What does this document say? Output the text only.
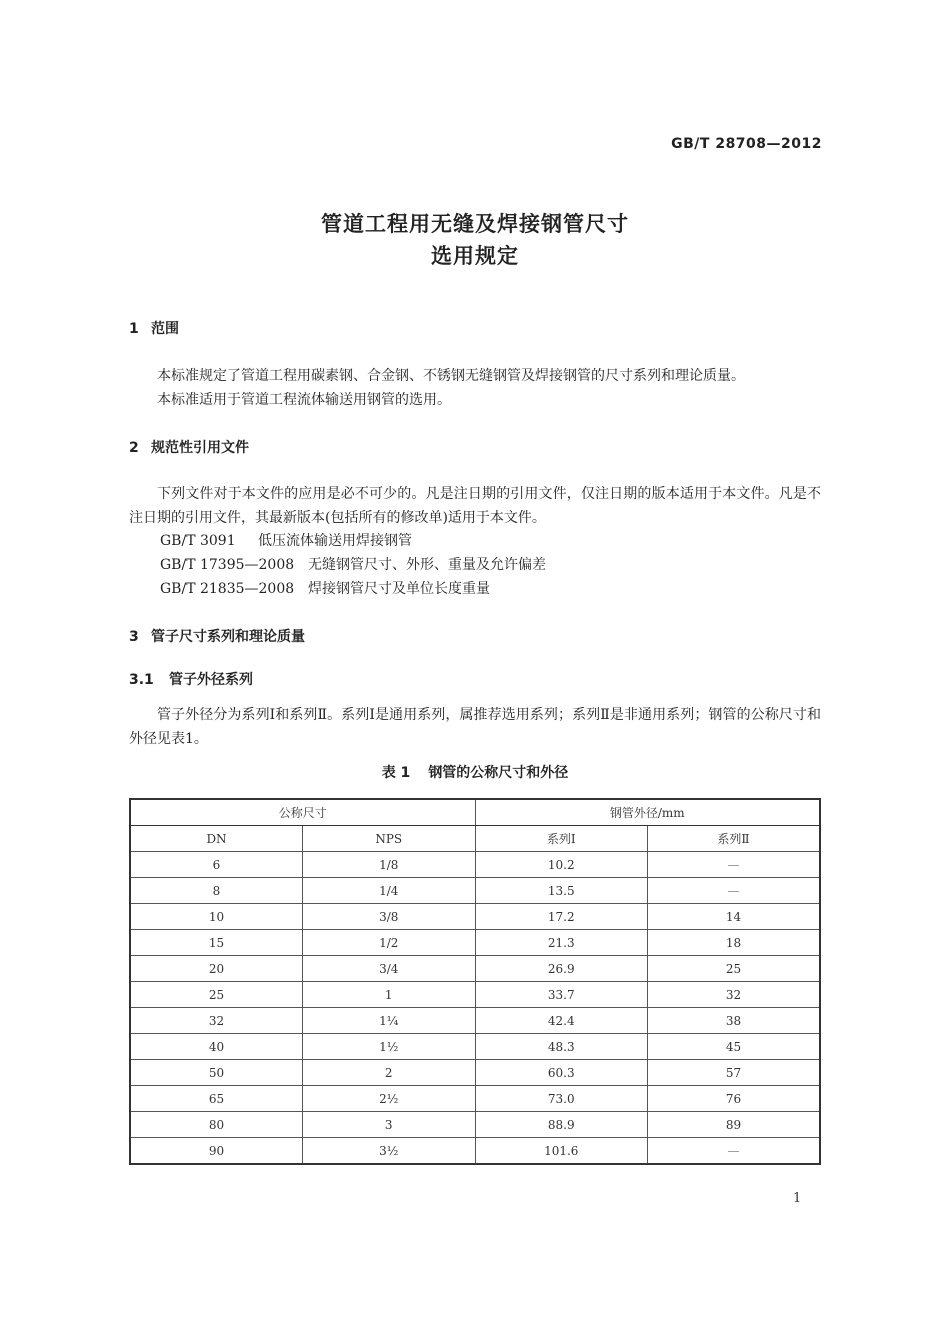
GB/T 28708—2012
管道工程用无缝及焊接钢管尺寸
选用规定
1 范围

本标准规定了管道工程用碳素钢、合金钢、不锈钢无缝钢管及焊接钢管的尺寸系列和理论质量。

本标准适用于管道工程流体输送用钢管的选用。

2 规范性引用文件

下列文件对于本文件的应用是必不可少的。凡是注日期的引用文件，仅注日期的版本适用于本文件。凡是不注日期的引用文件，其最新版本(包括所有的修改单)适用于本文件。

GB/T 3091 低压流体输送用焊接钢管
GB/T 17395—2008 无缝钢管尺寸、外形、重量及允许偏差
GB/T 21835—2008 焊接钢管尺寸及单位长度重量
3 管子尺寸系列和理论质量
3.1 管子外径系列

管子外径分为系列Ⅰ和系列Ⅱ。系列Ⅰ是通用系列，属推荐选用系列；系列Ⅱ是非通用系列；钢管的公称尺寸和外径见表1。

表 1 钢管的公称尺寸和外径
公称尺寸		钢管外径/mm	
DN	NPS	系列Ⅰ	系列Ⅱ
6	1/8	10.2	—
8	1/4	13.5	—
10	3/8	17.2	14
15	1/2	21.3	18
20	3/4	26.9	25
25	1	33.7	32
32	1¼	42.4	38
40	1½	48.3	45
50	2	60.3	57
65	2½	73.0	76
80	3	88.9	89
90	3½	101.6	—
1
